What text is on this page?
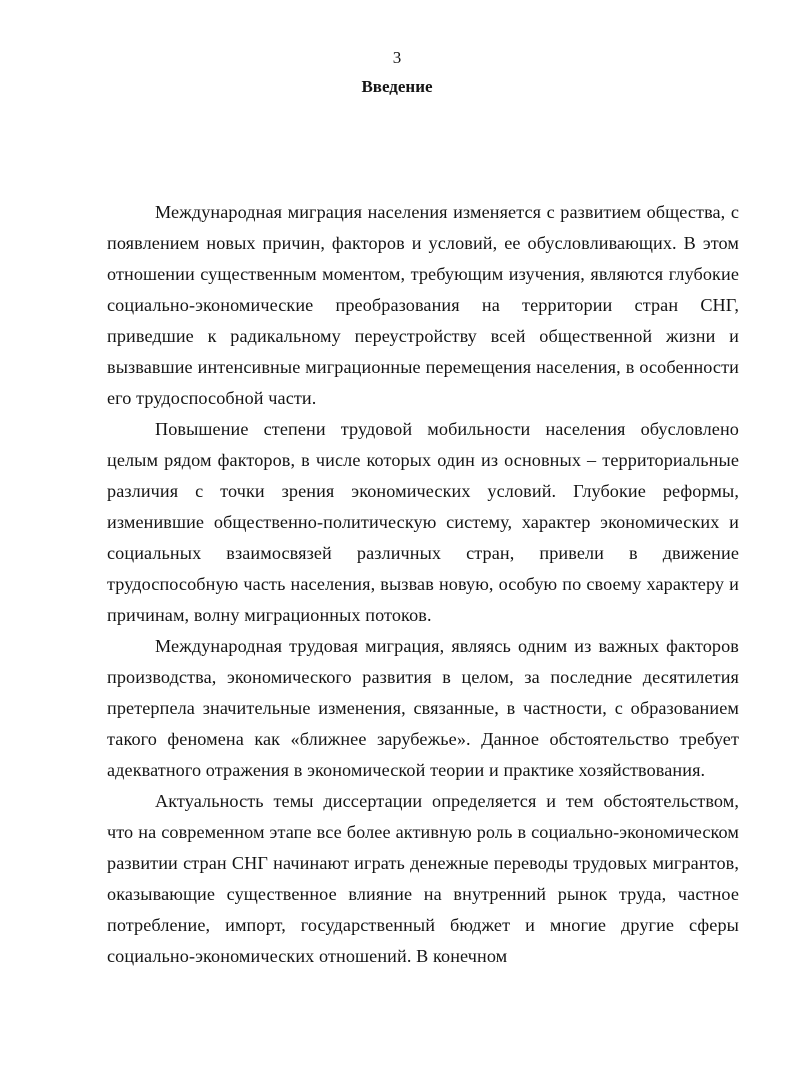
3
Введение

Международная миграция населения изменяется с развитием общества, с появлением новых причин, факторов и условий, ее обусловливающих. В этом отношении существенным моментом, требующим изучения, являются глубокие социально-экономические преобразования на территории стран СНГ, приведшие к радикальному переустройству всей общественной жизни и вызвавшие интенсивные миграционные перемещения населения, в особенности его трудоспособной части.

Повышение степени трудовой мобильности населения обусловлено целым рядом факторов, в числе которых один из основных – территориальные различия с точки зрения экономических условий. Глубокие реформы, изменившие общественно-политическую систему, характер экономических и социальных взаимосвязей различных стран, привели в движение трудоспособную часть населения, вызвав новую, особую по своему характеру и причинам, волну миграционных потоков.

Международная трудовая миграция, являясь одним из важных факторов производства, экономического развития в целом, за последние десятилетия претерпела значительные изменения, связанные, в частности, с образованием такого феномена как «ближнее зарубежье». Данное обстоятельство требует адекватного отражения в экономической теории и практике хозяйствования.

Актуальность темы диссертации определяется и тем обстоятельством, что на современном этапе все более активную роль в социально-экономическом развитии стран СНГ начинают играть денежные переводы трудовых мигрантов, оказывающие существенное влияние на внутренний рынок труда, частное потребление, импорт, государственный бюджет и многие другие сферы социально-экономических отношений. В конечном
